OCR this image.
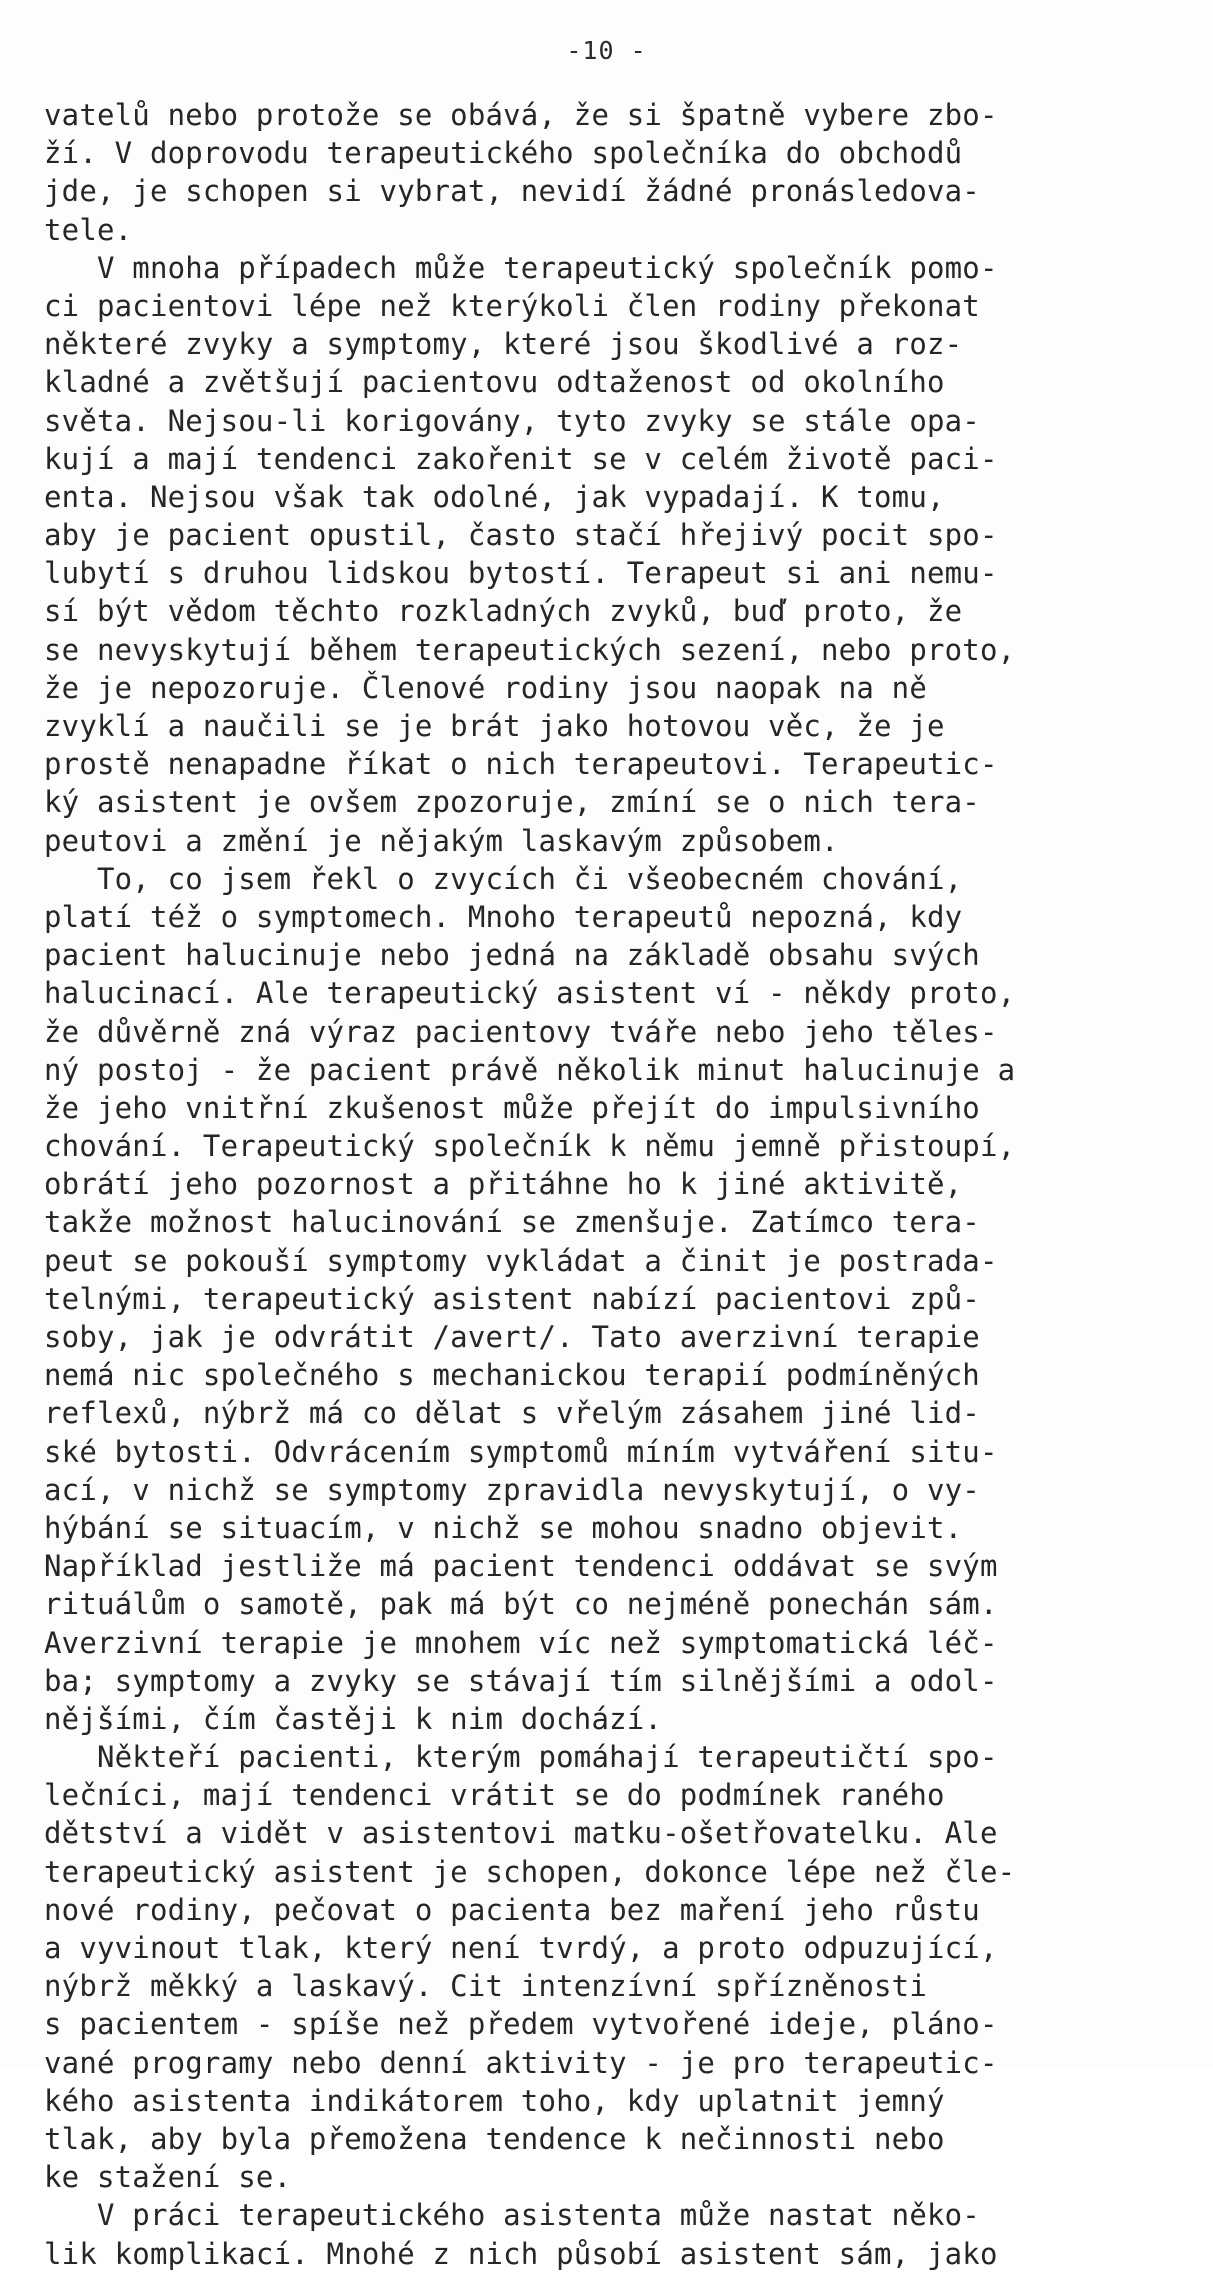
-10 -
vatelů nebo protože se obává, že si špatně vybere zbo-
ží. V doprovodu terapeutického společníka do obchodů
jde, je schopen si vybrat, nevidí žádné pronásledova-
tele.
V mnoha případech může terapeutický společník pomo-
ci pacientovi lépe než kterýkoli člen rodiny překonat
některé zvyky a symptomy, které jsou škodlivé a roz-
kladné a zvětšují pacientovu odtaženost od okolního
světa. Nejsou-li korigovány, tyto zvyky se stále opa-
kují a mají tendenci zakořenit se v celém životě paci-
enta. Nejsou však tak odolné, jak vypadají. K tomu,
aby je pacient opustil, často stačí hřejivý pocit spo-
lubytí s druhou lidskou bytostí. Terapeut si ani nemu-
sí být vědom těchto rozkladných zvyků, buď proto, že
se nevyskytují během terapeutických sezení, nebo proto,
že je nepozoruje. Členové rodiny jsou naopak na ně
zvyklí a naučili se je brát jako hotovou věc, že je
prostě nenapadne říkat o nich terapeutovi. Terapeutic-
ký asistent je ovšem zpozoruje, zmíní se o nich tera-
peutovi a změní je nějakým laskavým způsobem.
To, co jsem řekl o zvycích či všeobecném chování,
platí též o symptomech. Mnoho terapeutů nepozná, kdy
pacient halucinuje nebo jedná na základě obsahu svých
halucinací. Ale terapeutický asistent ví - někdy proto,
že důvěrně zná výraz pacientovy tváře nebo jeho těles-
ný postoj - že pacient právě několik minut halucinuje a
že jeho vnitřní zkušenost může přejít do impulsivního
chování. Terapeutický společník k němu jemně přistoupí,
obrátí jeho pozornost a přitáhne ho k jiné aktivitě,
takže možnost halucinování se zmenšuje. Zatímco tera-
peut se pokouší symptomy vykládat a činit je postrada-
telnými, terapeutický asistent nabízí pacientovi způ-
soby, jak je odvrátit /avert/. Tato averzivní terapie
nemá nic společného s mechanickou terapií podmíněných
reflexů, nýbrž má co dělat s vřelým zásahem jiné lid-
ské bytosti. Odvrácením symptomů míním vytváření situ-
ací, v nichž se symptomy zpravidla nevyskytují, o vy-
hýbání se situacím, v nichž se mohou snadno objevit.
Například jestliže má pacient tendenci oddávat se svým
rituálům o samotě, pak má být co nejméně ponechán sám.
Averzivní terapie je mnohem víc než symptomatická léč-
ba; symptomy a zvyky se stávají tím silnějšími a odol-
nějšími, čím častěji k nim dochází.
Někteří pacienti, kterým pomáhají terapeutičtí spo-
lečníci, mají tendenci vrátit se do podmínek raného
dětství a vidět v asistentovi matku-ošetřovatelku. Ale
terapeutický asistent je schopen, dokonce lépe než čle-
nové rodiny, pečovat o pacienta bez maření jeho růstu
a vyvinout tlak, který není tvrdý, a proto odpuzující,
nýbrž měkký a laskavý. Cit intenzívní spřízněnosti
s pacientem - spíše než předem vytvořené ideje, pláno-
vané programy nebo denní aktivity - je pro terapeutic-
kého asistenta indikátorem toho, kdy uplatnit jemný
tlak, aby byla přemožena tendence k nečinnosti nebo
ke stažení se.
V práci terapeutického asistenta může nastat něko-
lik komplikací. Mnohé z nich působí asistent sám, jako
